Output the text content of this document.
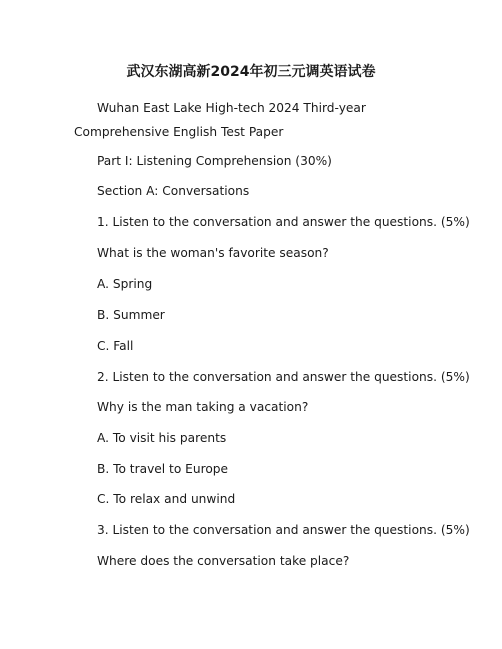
武汉东湖高新2024年初三元调英语试卷

Wuhan East Lake High-tech 2024 Third-year Comprehensive English Test Paper

Part I: Listening Comprehension (30%)

Section A: Conversations

1. Listen to the conversation and answer the questions. (5%)

What is the woman's favorite season?

A. Spring

B. Summer

C. Fall

2. Listen to the conversation and answer the questions. (5%)

Why is the man taking a vacation?

A. To visit his parents

B. To travel to Europe

C. To relax and unwind

3. Listen to the conversation and answer the questions. (5%)

Where does the conversation take place?
